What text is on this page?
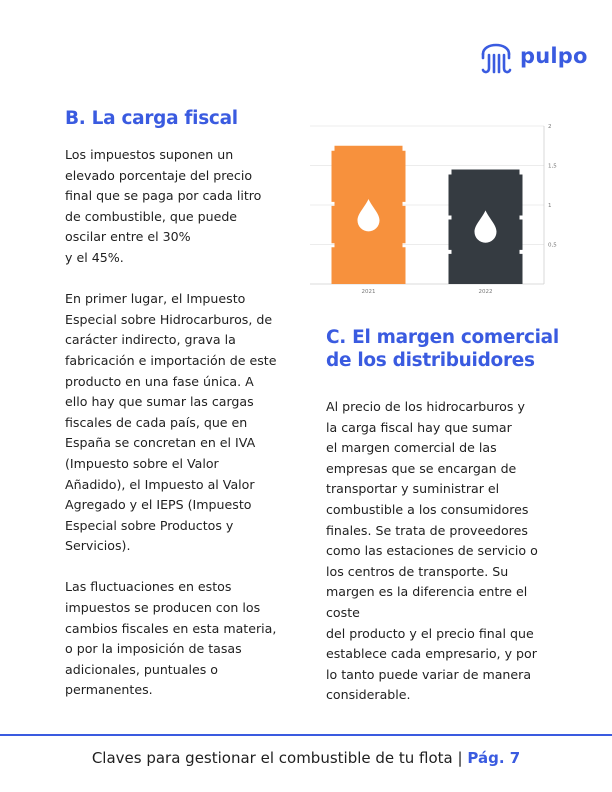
pulpo
B. La carga fiscal

Los impuestos suponen un
elevado porcentaje del precio
final que se paga por cada litro
de combustible, que puede
oscilar entre el 30%
y el 45%.

En primer lugar, el Impuesto
Especial sobre Hidrocarburos, de
carácter indirecto, grava la
fabricación e importación de este
producto en una fase única. A
ello hay que sumar las cargas
fiscales de cada país, que en
España se concretan en el IVA
(Impuesto sobre el Valor
Añadido), el Impuesto al Valor
Agregado y el IEPS (Impuesto
Especial sobre Productos y
Servicios).

Las fluctuaciones en estos
impuestos se producen con los
cambios fiscales en esta materia,
o por la imposición de tasas
adicionales, puntuales o
permanentes.

0,5
1
1,5
2
2021	2022
C. El margen comercial de los distribuidores

Al precio de los hidrocarburos y
la carga fiscal hay que sumar
el margen comercial de las
empresas que se encargan de
transportar y suministrar el
combustible a los consumidores
finales. Se trata de proveedores
como las estaciones de servicio o
los centros de transporte. Su
margen es la diferencia entre el
coste
del producto y el precio final que
establece cada empresario, y por
lo tanto puede variar de manera
considerable.

Claves para gestionar el combustible de tu flota | Pág. 7
